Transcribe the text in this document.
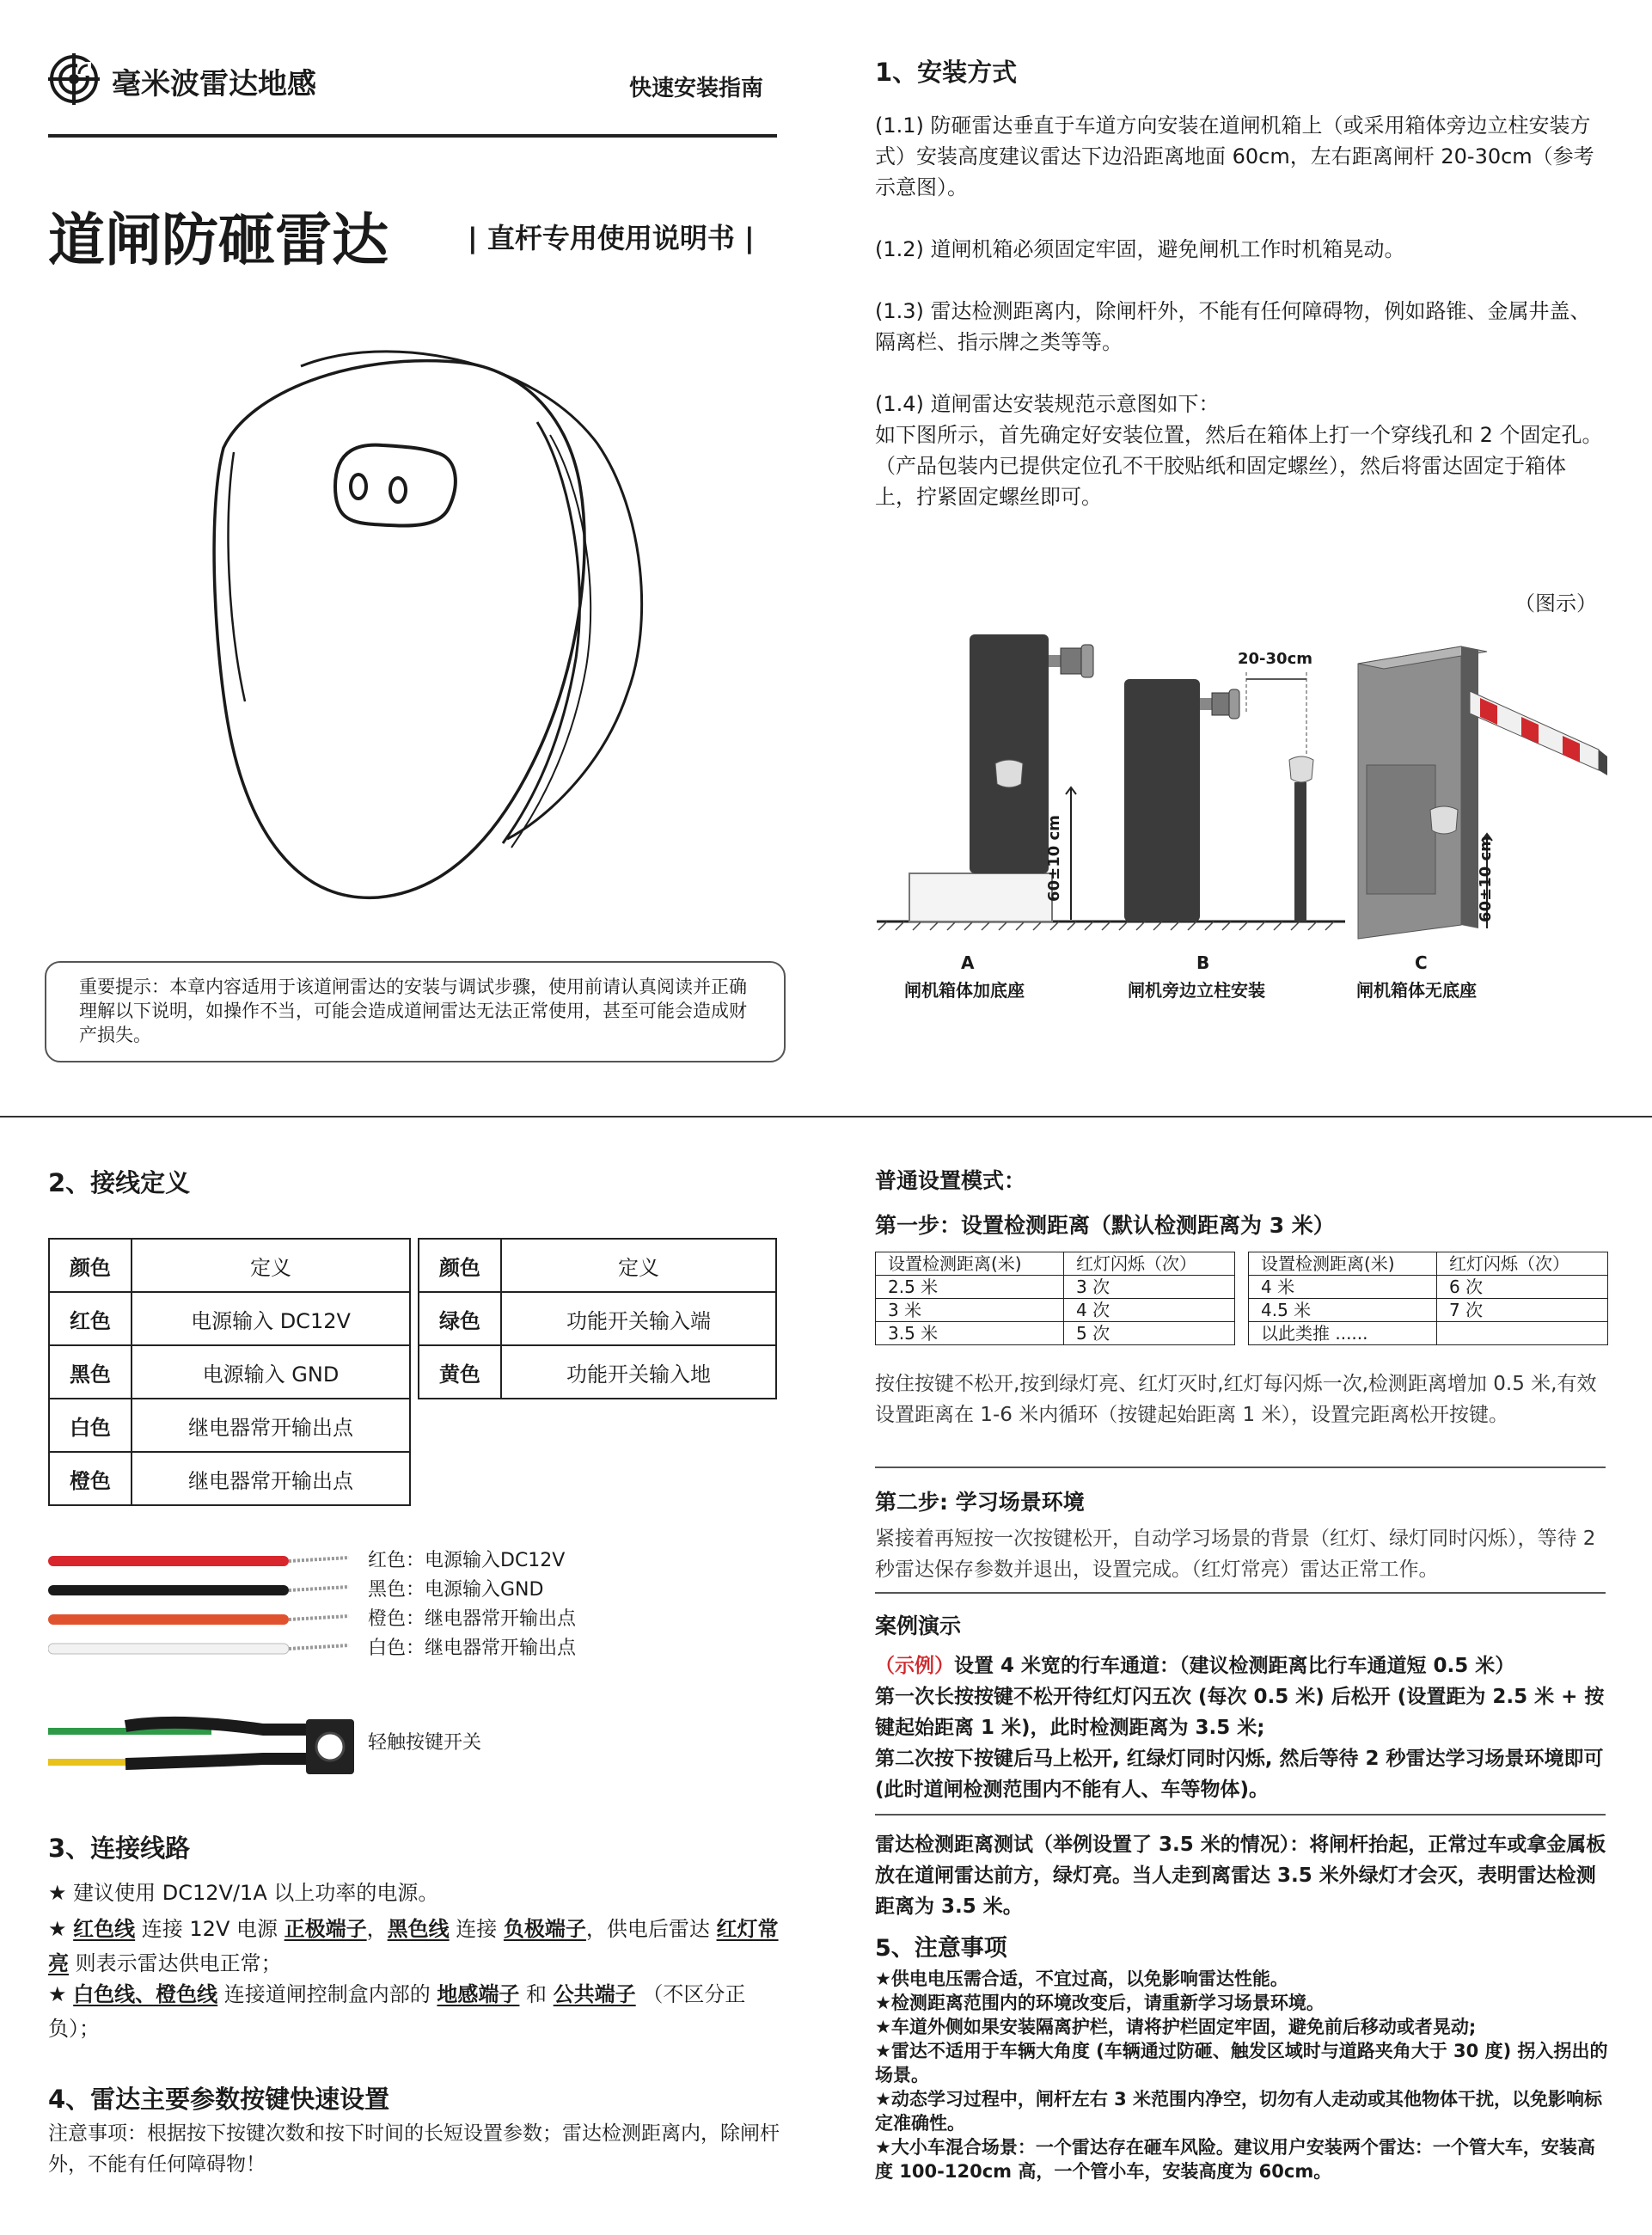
毫米波雷达地感	快速安装指南
道闸防砸雷达	| 直杆专用使用说明书 |
重要提示：本章内容适用于该道闸雷达的安装与调试步骤，使用前请认真阅读并正确理解以下说明，如操作不当，可能会造成道闸雷达无法正常使用，甚至可能会造成财产损失。
1、安装方式
(1.1) 防砸雷达垂直于车道方向安装在道闸机箱上（或采用箱体旁边立柱安装方式）安装高度建议雷达下边沿距离地面 60cm，左右距离闸杆 20-30cm（参考示意图）。
(1.2) 道闸机箱必须固定牢固，避免闸机工作时机箱晃动。
(1.3) 雷达检测距离内，除闸杆外，不能有任何障碍物，例如路锥、金属井盖、隔离栏、指示牌之类等等。
(1.4) 道闸雷达安装规范示意图如下：
如下图所示，首先确定好安装位置，然后在箱体上打一个穿线孔和 2 个固定孔。（产品包装内已提供定位孔不干胶贴纸和固定螺丝），然后将雷达固定于箱体上，拧紧固定螺丝即可。
（图示）
20-30cm
60±10 cm	60±10 cm
A
闸机箱体加底座
B
闸机旁边立柱安装
C
闸机箱体无底座
2、接线定义
颜色	定义
红色	电源输入 DC12V
黑色	电源输入 GND
白色	继电器常开输出点
橙色	继电器常开输出点
颜色	定义
绿色	功能开关输入端
黄色	功能开关输入地
红色：电源输入DC12V
黑色：电源输入GND
橙色：继电器常开输出点
白色：继电器常开输出点
轻触按键开关
3、连接线路
★ 建议使用 DC12V/1A 以上功率的电源。
★ 红色线 连接 12V 电源 正极端子，黑色线 连接 负极端子，供电后雷达 红灯常亮 则表示雷达供电正常；
★ 白色线、橙色线 连接道闸控制盒内部的 地感端子 和 公共端子 （不区分正负）；
4、雷达主要参数按键快速设置
注意事项：根据按下按键次数和按下时间的长短设置参数；雷达检测距离内，除闸杆外，不能有任何障碍物！
普通设置模式：
第一步：设置检测距离（默认检测距离为 3 米）
设置检测距离(米)	红灯闪烁（次）
2.5 米	3 次
3 米	4 次
3.5 米	5 次
设置检测距离(米)	红灯闪烁（次）
4 米	6 次
4.5 米	7 次
以此类推 ......	
按住按键不松开,按到绿灯亮、红灯灭时,红灯每闪烁一次,检测距离增加 0.5 米,有效设置距离在 1-6 米内循环（按键起始距离 1 米），设置完距离松开按键。
第二步: 学习场景环境
紧接着再短按一次按键松开，自动学习场景的背景（红灯、绿灯同时闪烁），等待 2 秒雷达保存参数并退出，设置完成。（红灯常亮）雷达正常工作。
案例演示
（示例）设置 4 米宽的行车通道：（建议检测距离比行车通道短 0.5 米）
第一次长按按键不松开待红灯闪五次 (每次 0.5 米) 后松开 (设置距为 2.5 米 + 按键起始距离 1 米)，此时检测距离为 3.5 米;
第二次按下按键后马上松开, 红绿灯同时闪烁, 然后等待 2 秒雷达学习场景环境即可 (此时道闸检测范围内不能有人、车等物体)。
雷达检测距离测试（举例设置了 3.5 米的情况）：将闸杆抬起，正常过车或拿金属板放在道闸雷达前方，绿灯亮。当人走到离雷达 3.5 米外绿灯才会灭，表明雷达检测距离为 3.5 米。
5、注意事项
★供电电压需合适，不宜过高，以免影响雷达性能。
★检测距离范围内的环境改变后，请重新学习场景环境。
★车道外侧如果安装隔离护栏，请将护栏固定牢固，避免前后移动或者晃动;
★雷达不适用于车辆大角度 (车辆通过防砸、触发区域时与道路夹角大于 30 度) 拐入拐出的场景。
★动态学习过程中，闸杆左右 3 米范围内净空，切勿有人走动或其他物体干扰，以免影响标定准确性。
★大小车混合场景：一个雷达存在砸车风险。建议用户安装两个雷达：一个管大车，安装高度 100-120cm 高，一个管小车，安装高度为 60cm。
